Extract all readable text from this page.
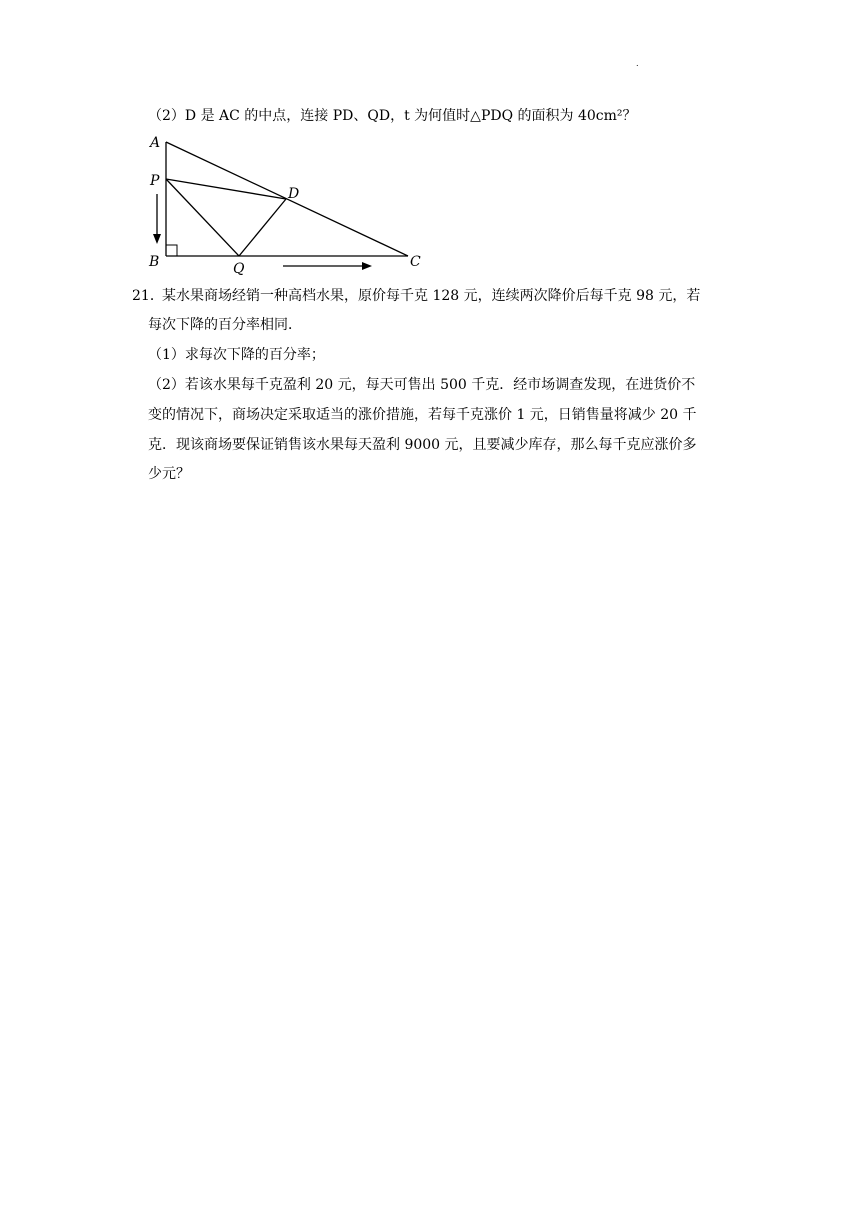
.
（2）D 是 AC 的中点，连接 PD、QD，t 为何值时△PDQ 的面积为 40cm²？
A
P
D
B	Q	C
21．
某水果商场经销一种高档水果，原价每千克 128 元，连续两次降价后每千克 98 元，若
每次下降的百分率相同．
（1）求每次下降的百分率；
（2）若该水果每千克盈利 20 元，每天可售出 500 千克．经市场调查发现，在进货价不
变的情况下，商场决定采取适当的涨价措施，若每千克涨价 1 元，日销售量将减少 20 千
克．现该商场要保证销售该水果每天盈利 9000 元，且要减少库存，那么每千克应涨价多
少元？
